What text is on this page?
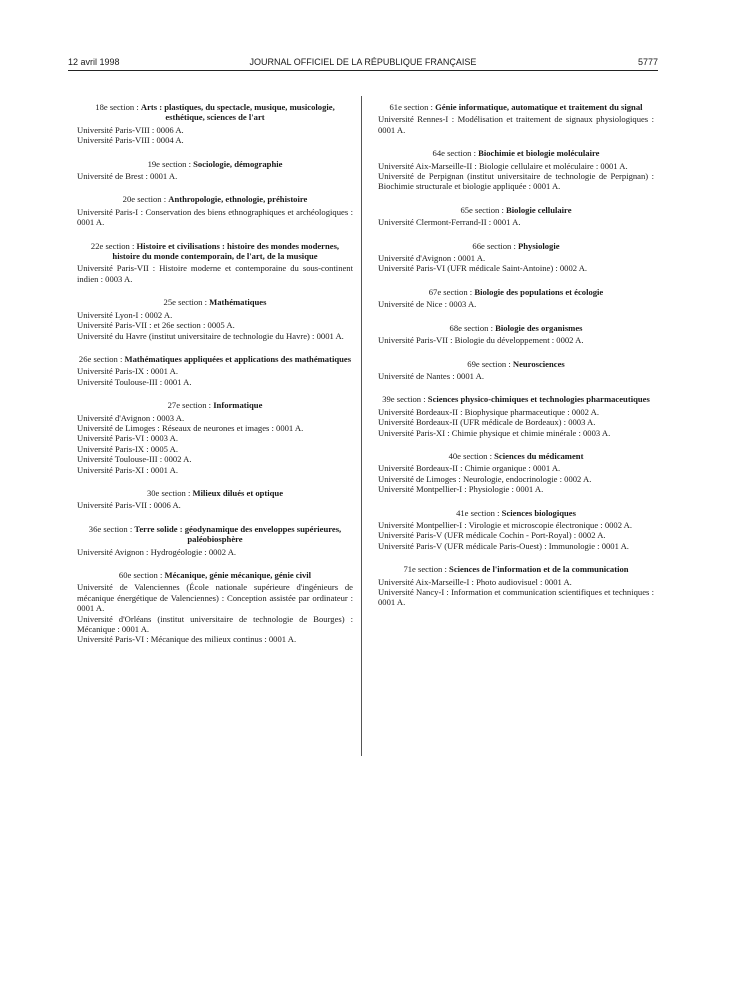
12 avril 1998	JOURNAL OFFICIEL DE LA RÉPUBLIQUE FRANÇAISE	5777
18e section : Arts : plastiques, du spectacle, musique, musicologie, esthétique, sciences de l'art
Université Paris-VIII : 0006 A.
Université Paris-VIII : 0004 A.
19e section : Sociologie, démographie
Université de Brest : 0001 A.
20e section : Anthropologie, ethnologie, préhistoire
Université Paris-I : Conservation des biens ethnographiques et archéologiques : 0001 A.
22e section : Histoire et civilisations : histoire des mondes modernes, histoire du monde contemporain, de l'art, de la musique
Université Paris-VII : Histoire moderne et contemporaine du sous-continent indien : 0003 A.
25e section : Mathématiques
Université Lyon-I : 0002 A.
Université Paris-VII : et 26e section : 0005 A.
Université du Havre (institut universitaire de technologie du Havre) : 0001 A.
26e section : Mathématiques appliquées et applications des mathématiques
Université Paris-IX : 0001 A.
Université Toulouse-III : 0001 A.
27e section : Informatique
Université d'Avignon : 0003 A.
Université de Limoges : Réseaux de neurones et images : 0001 A.
Université Paris-VI : 0003 A.
Université Paris-IX : 0005 A.
Université Toulouse-III : 0002 A.
Université Paris-XI : 0001 A.
30e section : Milieux dilués et optique
Université Paris-VII : 0006 A.
36e section : Terre solide : géodynamique des enveloppes supérieures, paléobiosphère
Université Avignon : Hydrogéologie : 0002 A.
60e section : Mécanique, génie mécanique, génie civil
Université de Valenciennes (École nationale supérieure d'ingénieurs de mécanique énergétique de Valenciennes) : Conception assistée par ordinateur : 0001 A.
Université d'Orléans (institut universitaire de technologie de Bourges) : Mécanique : 0001 A.
Université Paris-VI : Mécanique des milieux continus : 0001 A.
61e section : Génie informatique, automatique et traitement du signal
Université Rennes-I : Modélisation et traitement de signaux physiologiques : 0001 A.
64e section : Biochimie et biologie moléculaire
Université Aix-Marseille-II : Biologie cellulaire et moléculaire : 0001 A.
Université de Perpignan (institut universitaire de technologie de Perpignan) : Biochimie structurale et biologie appliquée : 0001 A.
65e section : Biologie cellulaire
Université Clermont-Ferrand-II : 0001 A.
66e section : Physiologie
Université d'Avignon : 0001 A.
Université Paris-VI (UFR médicale Saint-Antoine) : 0002 A.
67e section : Biologie des populations et écologie
Université de Nice : 0003 A.
68e section : Biologie des organismes
Université Paris-VII : Biologie du développement : 0002 A.
69e section : Neurosciences
Université de Nantes : 0001 A.
39e section : Sciences physico-chimiques et technologies pharmaceutiques
Université Bordeaux-II : Biophysique pharmaceutique : 0002 A.
Université Bordeaux-II (UFR médicale de Bordeaux) : 0003 A.
Université Paris-XI : Chimie physique et chimie minérale : 0003 A.
40e section : Sciences du médicament
Université Bordeaux-II : Chimie organique : 0001 A.
Université de Limoges : Neurologie, endocrinologie : 0002 A.
Université Montpellier-I : Physiologie : 0001 A.
41e section : Sciences biologiques
Université Montpellier-I : Virologie et microscopie électronique : 0002 A.
Université Paris-V (UFR médicale Cochin - Port-Royal) : 0002 A.
Université Paris-V (UFR médicale Paris-Ouest) : Immunologie : 0001 A.
71e section : Sciences de l'information et de la communication
Université Aix-Marseille-I : Photo audiovisuel : 0001 A.
Université Nancy-I : Information et communication scientifiques et techniques : 0001 A.
